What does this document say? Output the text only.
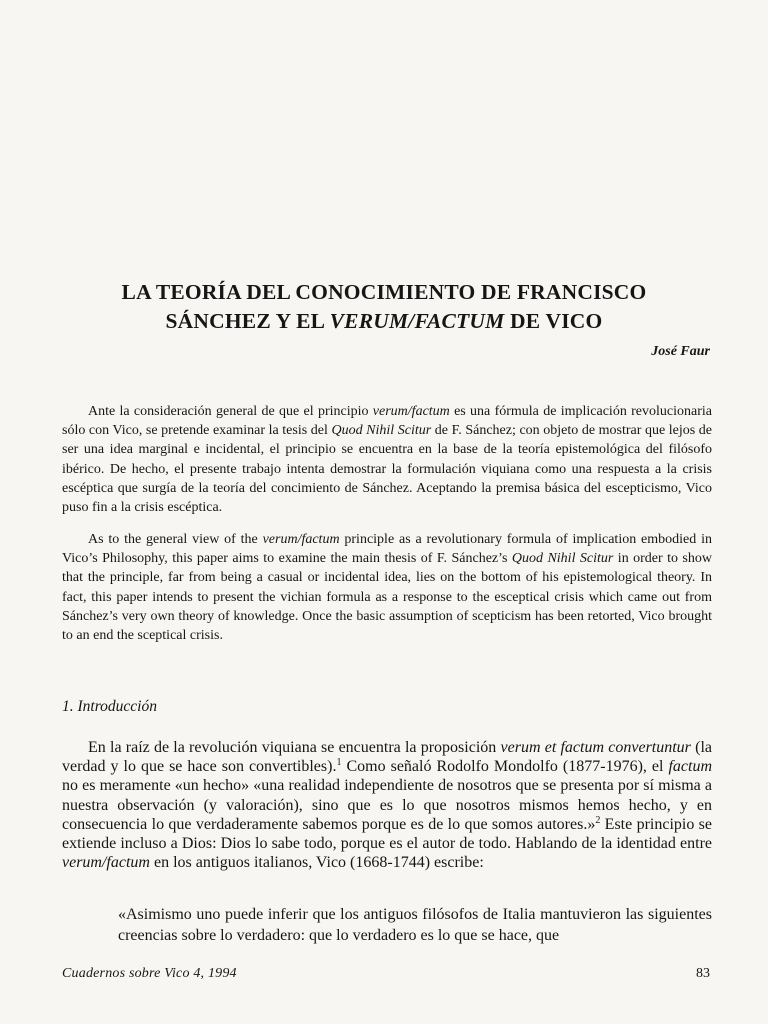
LA TEORÍA DEL CONOCIMIENTO DE FRANCISCO
SÁNCHEZ Y EL VERUM/FACTUM DE VICO
José Faur

Ante la consideración general de que el principio verum/factum es una fórmula de implicación revolucionaria sólo con Vico, se pretende examinar la tesis del Quod Nihil Scitur de F. Sánchez; con objeto de mostrar que lejos de ser una idea marginal e incidental, el principio se encuentra en la base de la teoría epistemológica del filósofo ibérico. De hecho, el presente trabajo intenta demostrar la formulación viquiana como una respuesta a la crisis escéptica que surgía de la teoría del concimiento de Sánchez. Aceptando la premisa básica del escepticismo, Vico puso fin a la crisis escéptica.

As to the general view of the verum/factum principle as a revolutionary formula of implication embodied in Vico’s Philosophy, this paper aims to examine the main thesis of F. Sánchez’s Quod Nihil Scitur in order to show that the principle, far from being a casual or incidental idea, lies on the bottom of his epistemological theory. In fact, this paper intends to present the vichian formula as a response to the esceptical crisis which came out from Sánchez’s very own theory of knowledge. Once the basic assumption of scepticism has been retorted, Vico brought to an end the sceptical crisis.

1. Introducción

En la raíz de la revolución viquiana se encuentra la proposición verum et factum convertuntur (la verdad y lo que se hace son convertibles).$^1$ Como señaló Rodolfo Mondolfo (1877-1976), el factum no es meramente «un hecho» «una realidad independiente de nosotros que se presenta por sí misma a nuestra observación (y valoración), sino que es lo que nosotros mismos hemos hecho, y en consecuencia lo que verdaderamente sabemos porque es de lo que somos autores.»$^2$ Este principio se extiende incluso a Dios: Dios lo sabe todo, porque es el autor de todo. Hablando de la identidad entre verum/factum en los antiguos italianos, Vico (1668-1744) escribe:

«Asimismo uno puede inferir que los antiguos filósofos de Italia mantuvieron las siguientes creencias sobre lo verdadero: que lo verdadero es lo que se hace, que

Cuadernos sobre Vico 4, 1994	83
